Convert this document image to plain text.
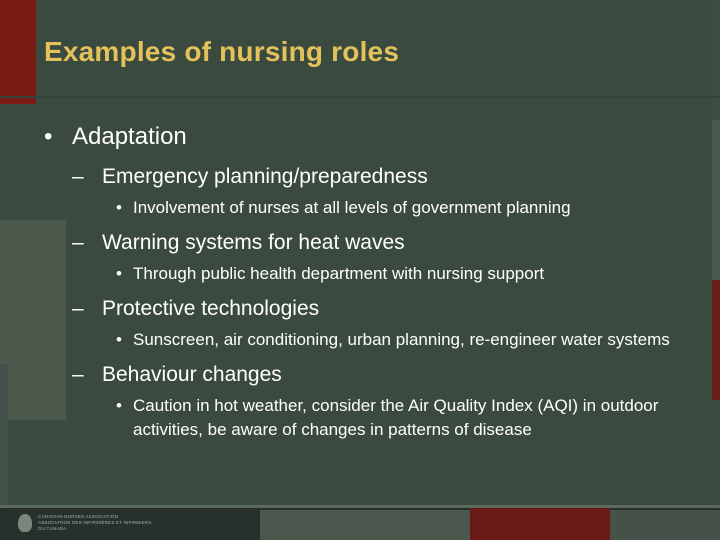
Examples of nursing roles
• Adaptation
– Emergency planning/preparedness
• Involvement of nurses at all levels of government planning
– Warning systems for heat waves
• Through public health department with nursing support
– Protective technologies
• Sunscreen, air conditioning, urban planning, re-engineer water systems
– Behaviour changes
• Caution in hot weather, consider the Air Quality Index (AQI) in outdoor activities, be aware of changes in patterns of disease
CANADIAN NURSES ASSOCIATION
ASSOCIATION DES INFIRMIÈRES ET INFIRMIERS DU CANADA
